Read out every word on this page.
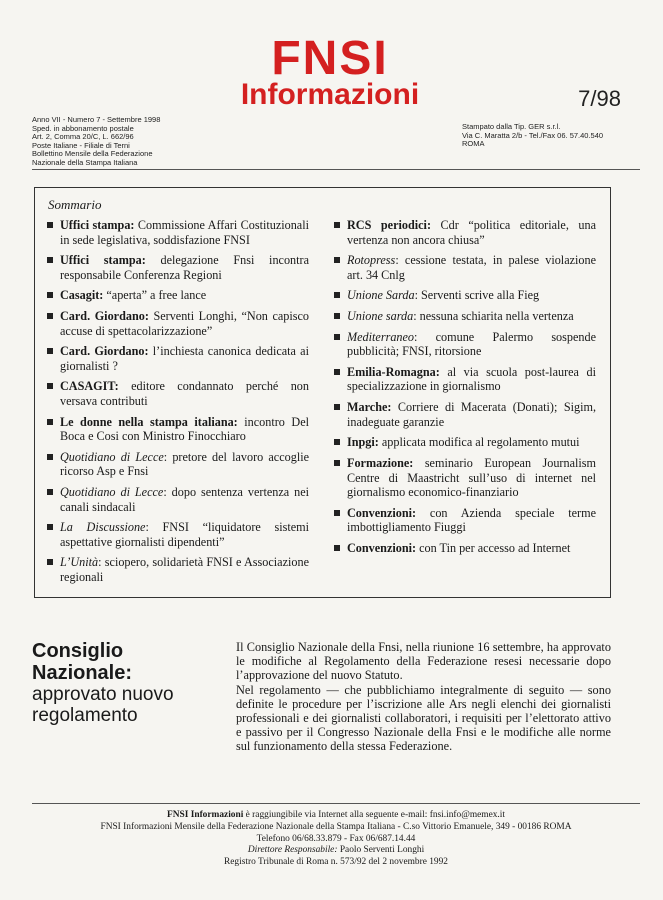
FNSI
Informazioni	7/98
Anno VII - Numero 7 - Settembre 1998
Sped. in abbonamento postale
Art. 2, Comma 20/C, L. 662/96
Poste Italiane - Filiale di Terni
Bollettino Mensile della Federazione
Nazionale della Stampa Italiana
Stampato dalla Tip. GER s.r.l.
Via C. Maratta 2/b - Tel./Fax 06. 57.40.540
ROMA
Sommario
Uffici stampa: Commissione Affari Costituzionali in sede legislativa, soddisfazione FNSI
Uffici stampa: delegazione Fnsi incontra responsabile Conferenza Regioni
Casagit: “aperta” a free lance
Card. Giordano: Serventi Longhi, “Non capisco accuse di spettacolarizzazione”
Card. Giordano: l’inchiesta canonica dedicata ai giornalisti ?
CASAGIT: editore condannato perché non versava contributi
Le donne nella stampa italiana: incontro Del Boca e Cosi con Ministro Finocchiaro
Quotidiano di Lecce: pretore del lavoro accoglie ricorso Asp e Fnsi
Quotidiano di Lecce: dopo sentenza vertenza nei canali sindacali
La Discussione: FNSI “liquidatore sistemi aspettative giornalisti dipendenti”
L’Unità: sciopero, solidarietà FNSI e Associazione regionali
RCS periodici: Cdr “politica editoriale, una vertenza non ancora chiusa”
Rotopress: cessione testata, in palese violazione art. 34 Cnlg
Unione Sarda: Serventi scrive alla Fieg
Unione sarda: nessuna schiarita nella vertenza
Mediterraneo: comune Palermo sospende pubblicità; FNSI, ritorsione
Emilia-Romagna: al via scuola post-laurea di specializzazione in giornalismo
Marche: Corriere di Macerata (Donati); Sigim, inadeguate garanzie
Inpgi: applicata modifica al regolamento mutui
Formazione: seminario European Journalism Centre di Maastricht sull’uso di internet nel giornalismo economico-finanziario
Convenzioni: con Azienda speciale terme imbottigliamento Fiuggi
Convenzioni: con Tin per accesso ad Internet
Consiglio Nazionale:
approvato nuovo regolamento

Il Consiglio Nazionale della Fnsi, nella riunione 16 settembre, ha approvato le modifiche al Regolamento della Federazione resesi necessarie dopo l’approvazione del nuovo Statuto.

Nel regolamento — che pubblichiamo integralmente di seguito — sono definite le procedure per l’iscrizione alle Ars negli elenchi dei giornalisti professionali e dei giornalisti collaboratori, i requisiti per l’elettorato attivo e passivo per il Congresso Nazionale della Fnsi e le modifiche alle norme sul funzionamento della stessa Federazione.

FNSI Informazioni è raggiungibile via Internet alla seguente e-mail: fnsi.info@memex.it
FNSI Informazioni Mensile della Federazione Nazionale della Stampa Italiana - C.so Vittorio Emanuele, 349 - 00186 ROMA
Telefono 06/68.33.879 - Fax 06/687.14.44
Direttore Responsabile: Paolo Serventi Longhi
Registro Tribunale di Roma n. 573/92 del 2 novembre 1992
